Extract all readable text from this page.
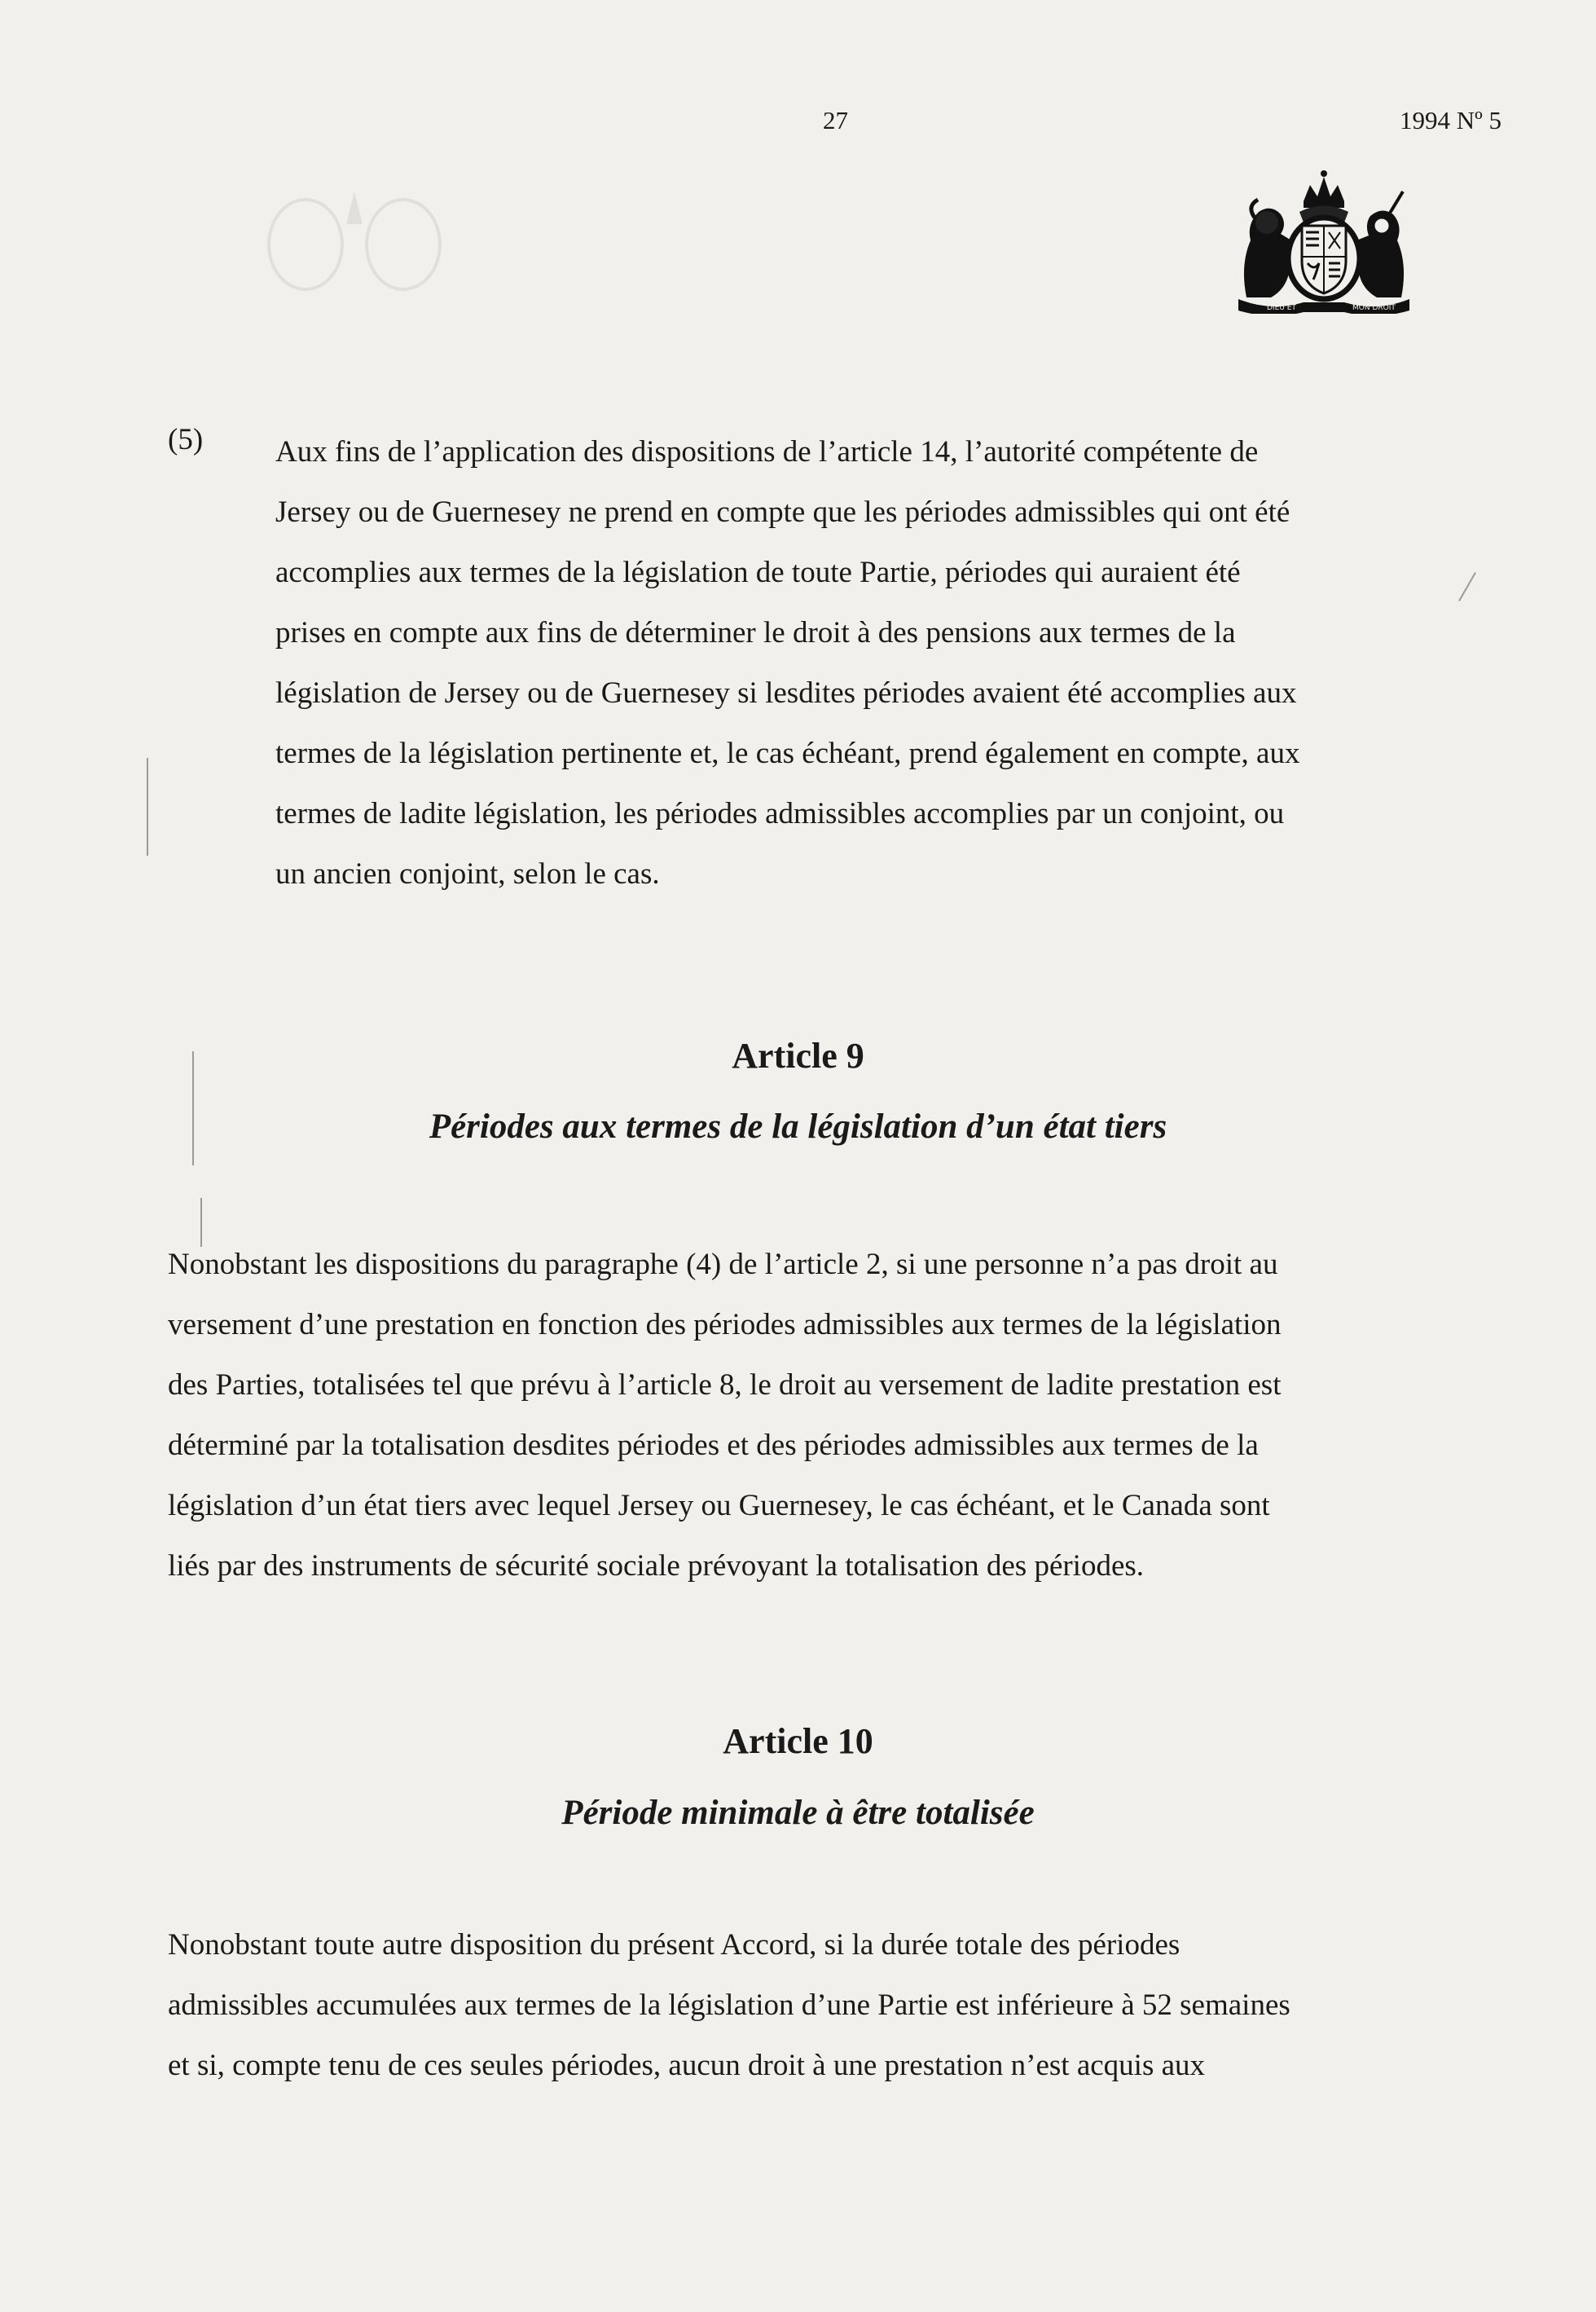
27	1994 Nº 5
DIEU ET	MON DROIT
(5) Aux fins de l’application des dispositions de l’article 14, l’autorité compétente de
Jersey ou de Guernesey ne prend en compte que les périodes admissibles qui ont été
accomplies aux termes de la législation de toute Partie, périodes qui auraient été
prises en compte aux fins de déterminer le droit à des pensions aux termes de la
législation de Jersey ou de Guernesey si lesdites périodes avaient été accomplies aux
termes de la législation pertinente et, le cas échéant, prend également en compte, aux
termes de ladite législation, les périodes admissibles accomplies par un conjoint, ou
un ancien conjoint, selon le cas.
Article 9
Périodes aux termes de la législation d’un état tiers
Nonobstant les dispositions du paragraphe (4) de l’article 2, si une personne n’a pas droit au
versement d’une prestation en fonction des périodes admissibles aux termes de la législation
des Parties, totalisées tel que prévu à l’article 8, le droit au versement de ladite prestation est
déterminé par la totalisation desdites périodes et des périodes admissibles aux termes de la
législation d’un état tiers avec lequel Jersey ou Guernesey, le cas échéant, et le Canada sont
liés par des instruments de sécurité sociale prévoyant la totalisation des périodes.
Article 10
Période minimale à être totalisée
Nonobstant toute autre disposition du présent Accord, si la durée totale des périodes
admissibles accumulées aux termes de la législation d’une Partie est inférieure à 52 semaines
et si, compte tenu de ces seules périodes, aucun droit à une prestation n’est acquis aux
